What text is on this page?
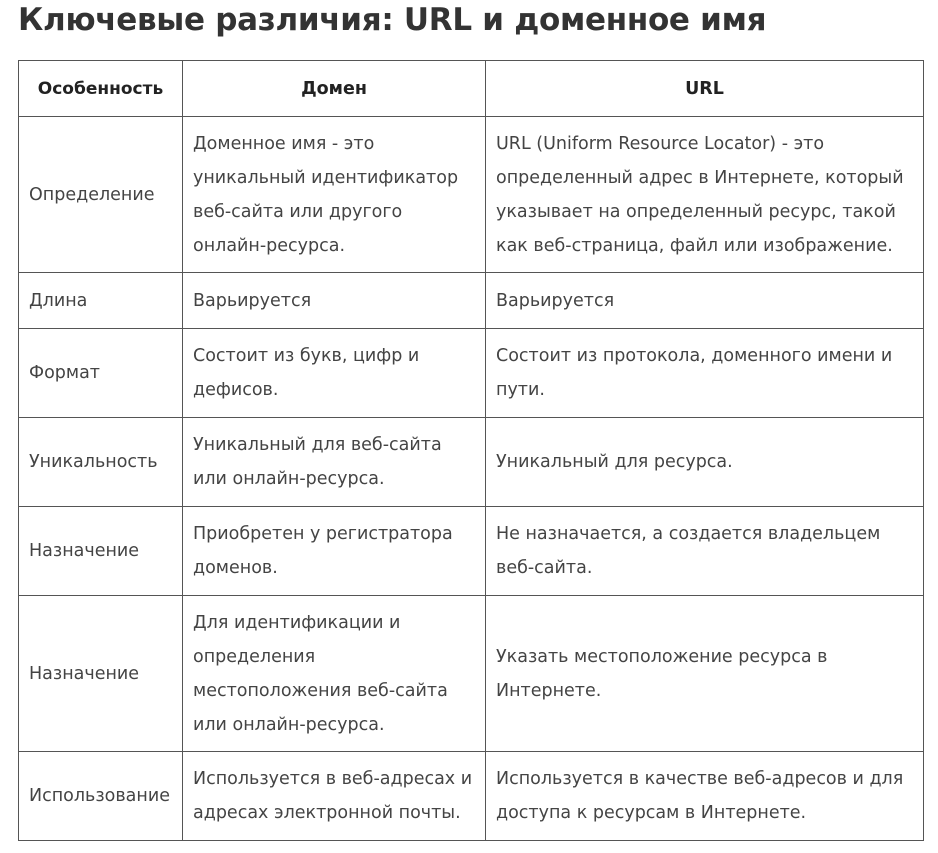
Ключевые различия: URL и доменное имя
Особенность	Домен	URL
Определение	Доменное имя - это уникальный идентификатор веб-сайта или другого онлайн-ресурса.	URL (Uniform Resource Locator) - это определенный адрес в Интернете, который указывает на определенный ресурс, такой как веб-страница, файл или изображение.
Длина	Варьируется	Варьируется
Формат	Состоит из букв, цифр и дефисов.	Состоит из протокола, доменного имени и пути.
Уникальность	Уникальный для веб-сайта или онлайн-ресурса.	Уникальный для ресурса.
Назначение	Приобретен у регистратора доменов.	Не назначается, а создается владельцем веб-сайта.
Назначение	Для идентификации и определения местоположения веб-сайта или онлайн-ресурса.	Указать местоположение ресурса в Интернете.
Использование	Используется в веб-адресах и адресах электронной почты.	Используется в качестве веб-адресов и для доступа к ресурсам в Интернете.
